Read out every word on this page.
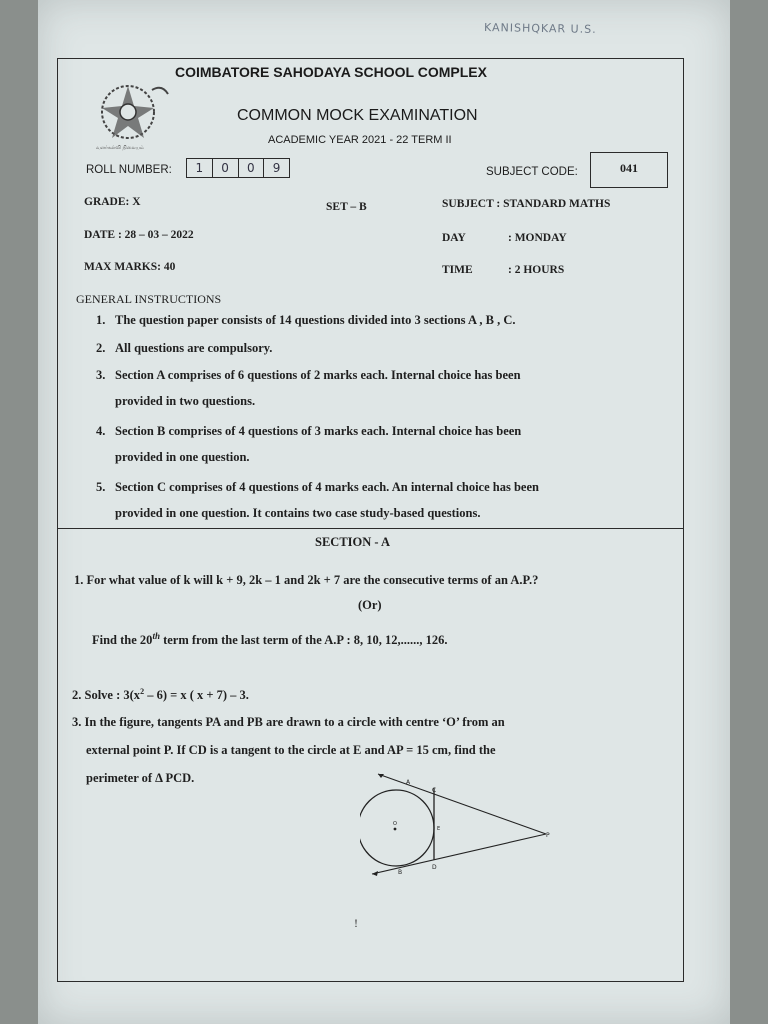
KANISHQKAR U.S.
வளர்கல்வி நிலையம்
COIMBATORE SAHODAYA SCHOOL COMPLEX
COMMON MOCK EXAMINATION
ACADEMIC YEAR 2021 - 22 TERM II
ROLL NUMBER:	1	0	0	9	SUBJECT CODE:	041
GRADE: X	SET – B	SUBJECT : STANDARD MATHS
DATE : 28 – 03 – 2022	DAY	: MONDAY
MAX MARKS: 40	TIME	: 2 HOURS
GENERAL INSTRUCTIONS
1. The question paper consists of 14 questions divided into 3 sections A , B , C.
2. All questions are compulsory.
3. Section A comprises of 6 questions of 2 marks each. Internal choice has been
provided in two questions.
4. Section B comprises of 4 questions of 3 marks each. Internal choice has been
provided in one question.
5. Section C comprises of 4 questions of 4 marks each. An internal choice has been
provided in one question. It contains two case study-based questions.
SECTION - A
1. For what value of k will k + 9, 2k – 1 and 2k + 7 are the consecutive terms of an A.P.?
(Or)
Find the 20th term from the last term of the A.P : 8, 10, 12,......, 126.
2. Solve : $3(x^2 - 6) = x$ ( x + 7) – 3.
3. In the figure, tangents PA and PB are drawn to a circle with centre ‘O’ from an
external point P. If CD is a tangent to the circle at E and AP = 15 cm, find the
perimeter of Δ PCD.	A
B
C
D
E
O
P
!
